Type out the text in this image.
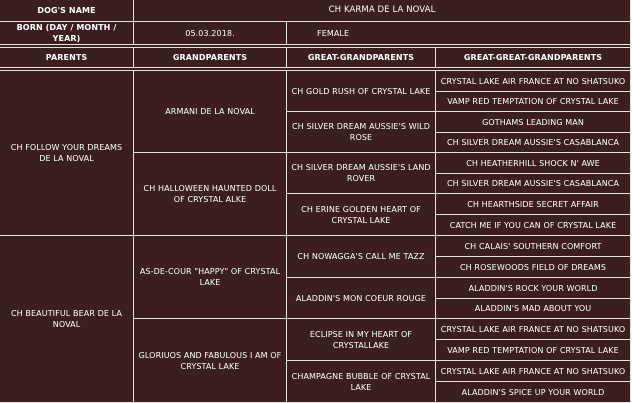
DOG'S NAME	CH KARMA DE LA NOVAL		
BORN (DAY / MONTH / YEAR)	05.03.2018.	FEMALE	

PARENTS	GRANDPARENTS	GREAT-GRANDPARENTS	GREAT-GREAT-GRANDPARENTS

CH FOLLOW YOUR DREAMS DE LA NOVAL	ARMANI DE LA NOVAL	CH GOLD RUSH OF CRYSTAL LAKE	CRYSTAL LAKE AIR FRANCE AT NO SHATSUKO
			VAMP RED TEMPTATION OF CRYSTAL LAKE
		CH SILVER DREAM AUSSIE'S WILD ROSE	GOTHAMS LEADING MAN
			CH SILVER DREAM AUSSIE'S CASABLANCA
	CH HALLOWEEN HAUNTED DOLL OF CRYSTAL ALKE	CH SILVER DREAM AUSSIE'S LAND ROVER	CH HEATHERHILL SHOCK N' AWE
			CH SILVER DREAM AUSSIE'S CASABLANCA
		CH ERINE GOLDEN HEART OF CRYSTAL LAKE	CH HEARTHSIDE SECRET AFFAIR
			CATCH ME IF YOU CAN OF CRYSTAL LAKE
CH BEAUTIFUL BEAR DE LA NOVAL	AS-DE-COUR "HAPPY" OF CRYSTAL LAKE	CH NOWAGGA'S CALL ME TAZZ	CH CALAIS' SOUTHERN COMFORT
			CH ROSEWOODS FIELD OF DREAMS
		ALADDIN'S MON COEUR ROUGE	ALADDIN'S ROCK YOUR WORLD
			ALADDIN'S MAD ABOUT YOU
	GLORIUOS AND FABULOUS I AM OF CRYSTAL LAKE	ECLIPSE IN MY HEART OF CRYSTALLAKE	CRYSTAL LAKE AIR FRANCE AT NO SHATSUKO
			VAMP RED TEMPTATION OF CRYSTAL LAKE
		CHAMPAGNE BUBBLE OF CRYSTAL LAKE	CRYSTAL LAKE AIR FRANCE AT NO SHATSUKO
			ALADDIN'S SPICE UP YOUR WORLD
